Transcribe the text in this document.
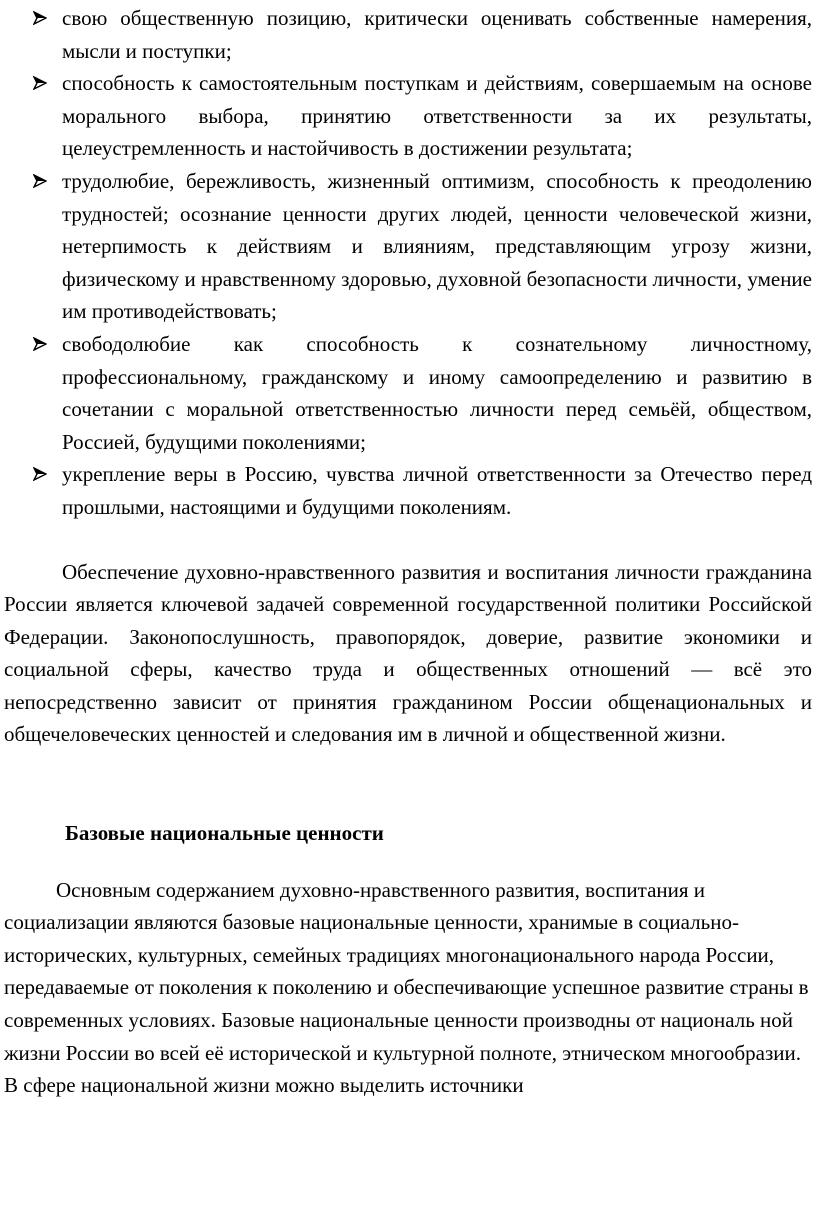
свою общественную позицию, критически оценивать собственные намерения, мысли и поступки;
способность к самостоятельным поступкам и действиям, совершаемым на основе морального выбора, принятию ответственности за их результаты, целеустремленность и настойчивость в достижении результата;
трудолюбие, бережливость, жизненный оптимизм, способность к преодолению трудностей; осознание ценности других людей, ценности человеческой жизни, нетерпимость к действиям и влияниям, представляющим угрозу жизни, физическому и нравственному здоровью, духовной безопасности личности, умение им противодействовать;
свободолюбие как способность к сознательному личностному, профессиональному, гражданскому и иному самоопределению и развитию в сочетании с моральной ответственностью личности перед семьёй, обществом, Россией, будущими поколениями;
укрепление веры в Россию, чувства личной ответственности за Отечество перед прошлыми, настоящими и будущими поколениям.

Обеспечение духовно-нравственного развития и воспитания личности гражданина России является ключевой задачей современной государственной политики Российской Федерации. Законопослушность, правопорядок, доверие, развитие экономики и социальной сферы, качество труда и общественных отношений — всё это непосредственно зависит от принятия гражданином России общенациональных и общечеловеческих ценностей и следования им в личной и общественной жизни.

Базовые национальные ценности

Основным содержанием духовно-нравственного развития, воспитания и социализации являются базовые национальные ценности, хранимые в социально-исторических, культурных, семейных традициях многонационального народа России, передаваемые от поколения к поколению и обеспечивающие успешное развитие страны в современных условиях. Базовые национальные ценности производны от националь ной жизни России во всей её исторической и культурной полноте, этническом многообразии. В сфере национальной жизни можно выделить источники
